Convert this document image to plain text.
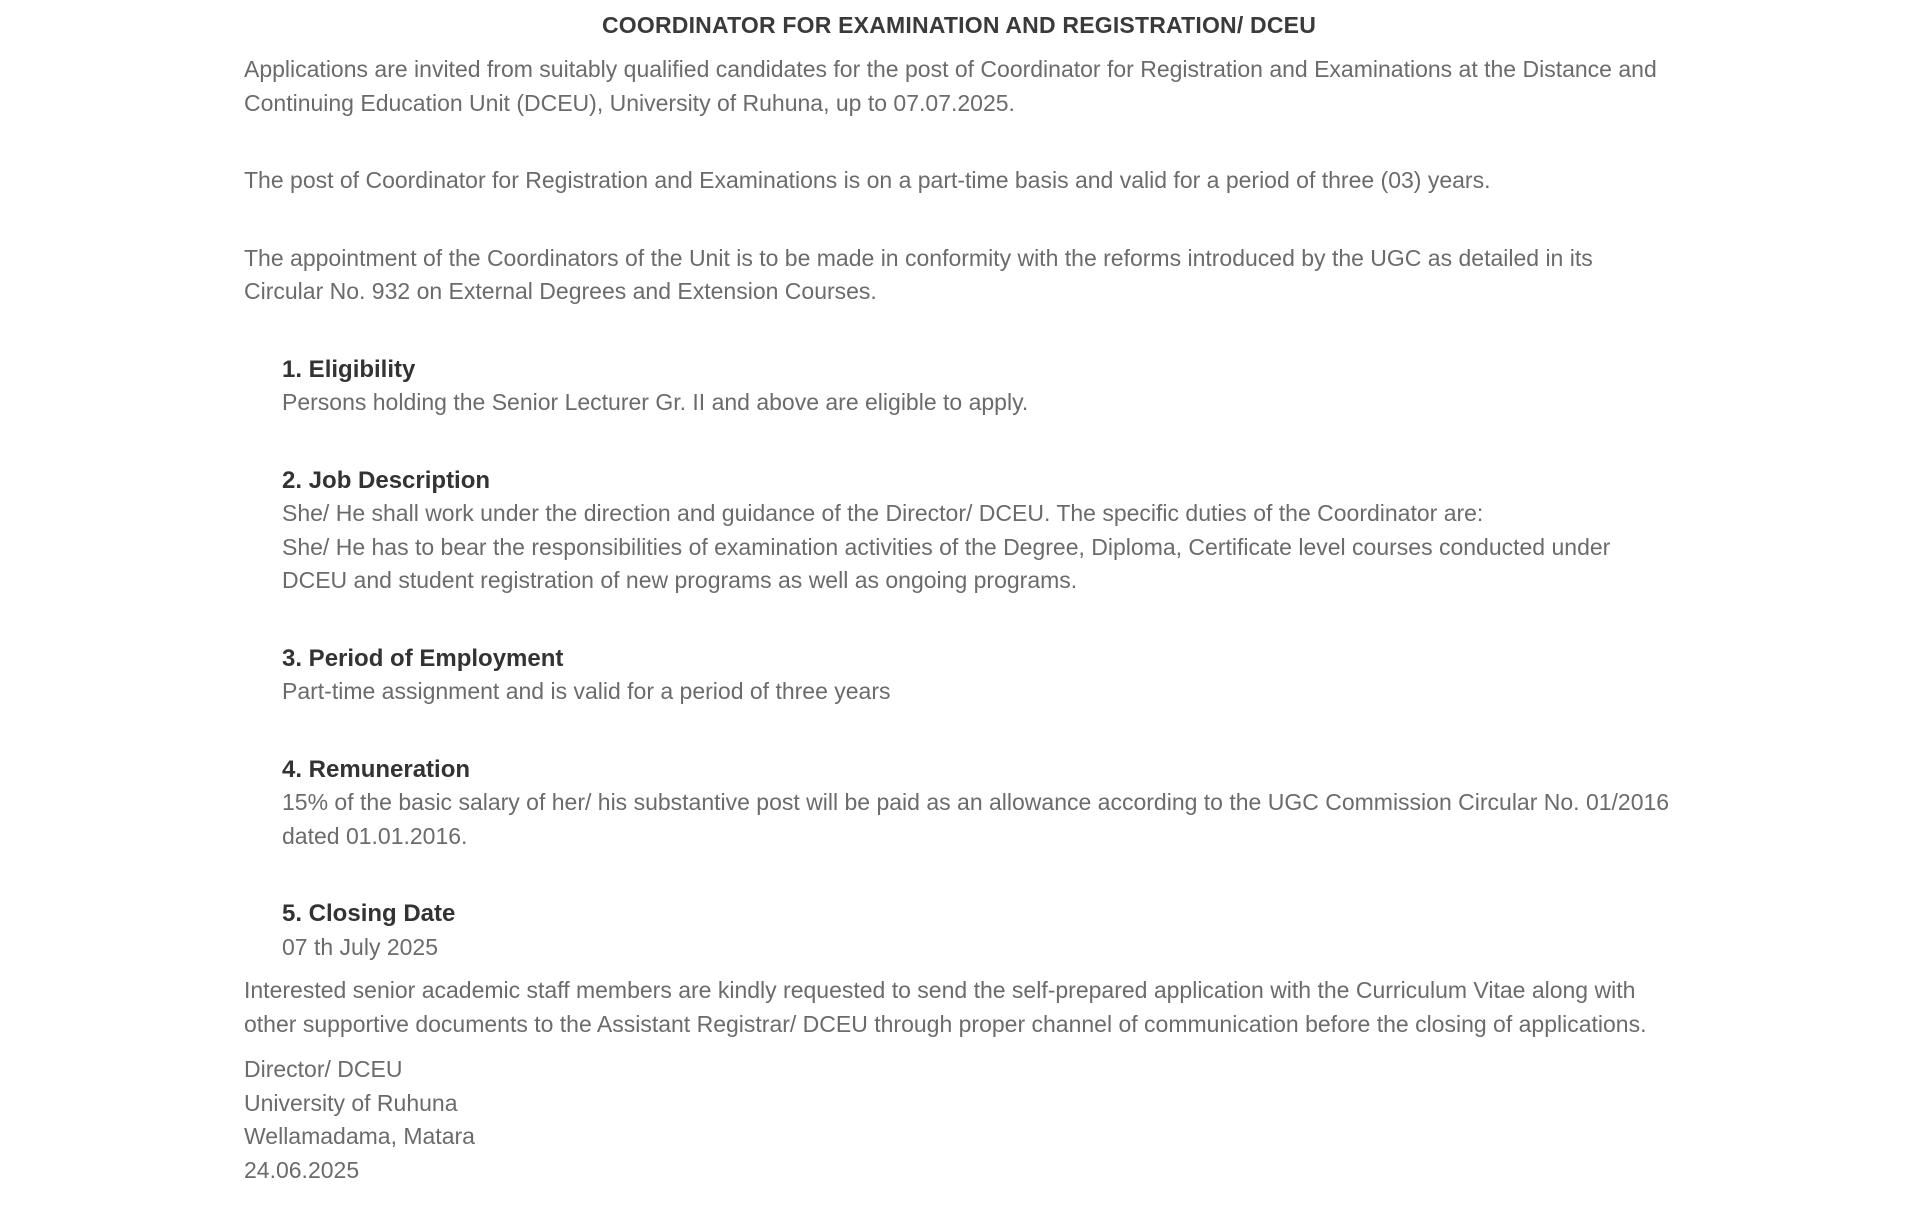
COORDINATOR FOR EXAMINATION AND REGISTRATION/ DCEU

Applications are invited from suitably qualified candidates for the post of Coordinator for Registration and Examinations at the Distance and Continuing Education Unit (DCEU), University of Ruhuna, up to 07.07.2025.

The post of Coordinator for Registration and Examinations is on a part-time basis and valid for a period of three (03) years.

The appointment of the Coordinators of the Unit is to be made in conformity with the reforms introduced by the UGC as detailed in its Circular No. 932 on External Degrees and Extension Courses.

1. Eligibility

Persons holding the Senior Lecturer Gr. II and above are eligible to apply.

2. Job Description

She/ He shall work under the direction and guidance of the Director/ DCEU. The specific duties of the Coordinator are:

She/ He has to bear the responsibilities of examination activities of the Degree, Diploma, Certificate level courses conducted under DCEU and student registration of new programs as well as ongoing programs.

3. Period of Employment

Part-time assignment and is valid for a period of three years

4. Remuneration

15% of the basic salary of her/ his substantive post will be paid as an allowance according to the UGC Commission Circular No. 01/2016 dated 01.01.2016.

5. Closing Date

07 th July 2025

Interested senior academic staff members are kindly requested to send the self-prepared application with the Curriculum Vitae along with other supportive documents to the Assistant Registrar/ DCEU through proper channel of communication before the closing of applications.

Director/ DCEU

University of Ruhuna

Wellamadama, Matara

24.06.2025
